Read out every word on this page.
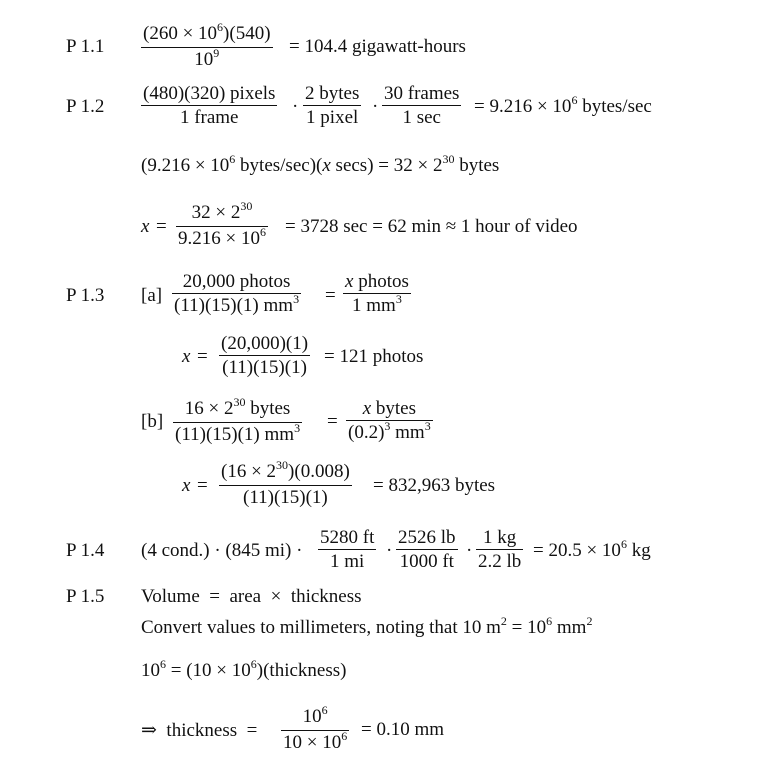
P 1.1
$(260 \times 10^6)(540)$
$10^9$	= 104.4 gigawatt-hours
P 1.2
(480)(320) pixels
1 frame
·
2 bytes
1 pixel
·
30 frames
1 sec
= $9.216 \times 10^6$ bytes/sec
($9.216 \times 10^6$ bytes/sec)(x $\sec s) = 32 \times 2^{30}$ bytes
x =
$32 \times 2^{30}$
$9.216 \times 10^6 = 3728$ sec = 62 min ≈ 1 hour of video
P 1.3 [a]
20,000 photos
(11)(15)(1) $mm^3$ =
x photos
1 $mm^3$
x =
(20,000)(1)
(11)(15)(1)
= 121 photos
[b]
$16 \times 2^{30}$ bytes
(11)(15)(1) $mm^3$ =
x bytes
$(0.2)^3$ $mm^3$
x =
$(16 \times 2^{30})(0.008)$
(11)(15)(1)
= 832,963 bytes
P 1.4 (4 cond.) · (845 mi) ·
5280 ft
1 mi
·
2526 lb
1000 ft
·
1 kg
2.2 lb
= $20.5 \times 10^6$ kg
P 1.5 Volume  =  area  ×  thickness
Convert values to millimeters, noting that 10 $m^2 = 10^6$ $mm^2$
$10^6 = (10$ × $10^6)(thickness)$
⇒  thickness  =
$10^6$
$10 \times 10^6 = 0.10$ mm
